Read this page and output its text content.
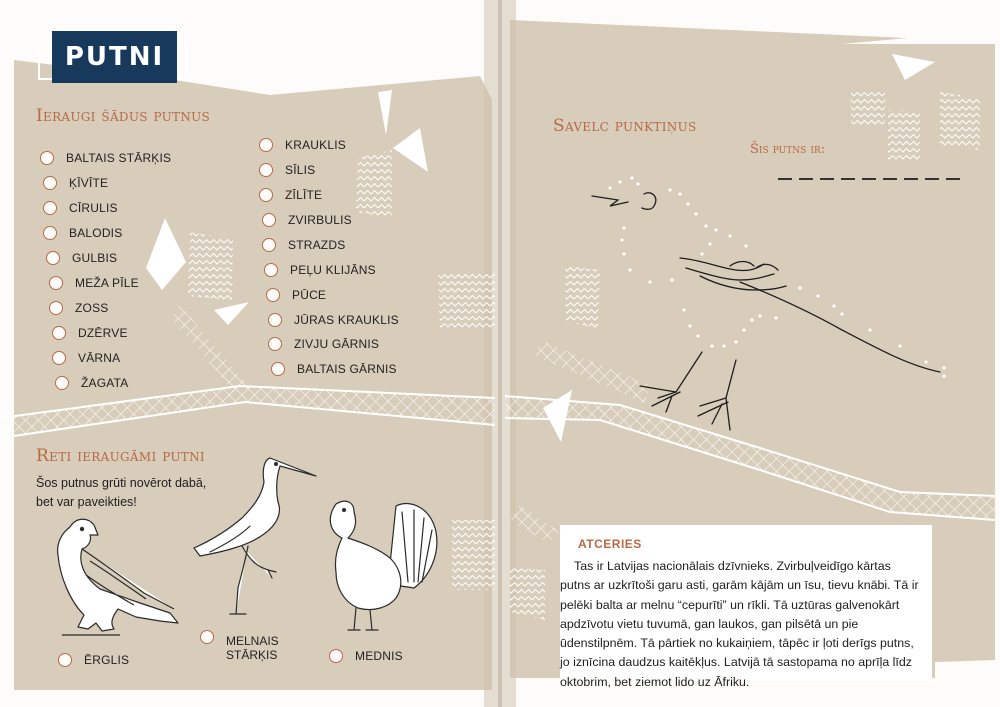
PUTNI
Ieraugi šādus putnus
BALTAIS STĀRĶIS
ĶĪVĪTE
CĪRULIS
BALODIS
GULBIS
MEŽA PĪLE
ZOSS
DZĒRVE
VĀRNA
ŽAGATA
KRAUKLIS
SĪLIS
ZĪLĪTE
ZVIRBULIS
STRAZDS
PEĻU KLIJĀNS
PŪCE
JŪRAS KRAUKLIS
ZIVJU GĀRNIS
BALTAIS GĀRNIS
Reti ieraugāmi putni
Šos putnus grūti novērot dabā, bet var paveikties!
ĒRGLIS
MELNAIS
STĀRĶIS	MEDNIS
Savelc punktiņus
Šis putns ir:
ATCERIES
Tas ir Latvijas nacionālais dzīvnieks. Zvirbuļveidīgo kārtas putns ar uzkrītoši garu asti, garām kājām un īsu, tievu knābi. Tā ir pelēki balta ar melnu “cepurīti” un rīkli. Tā uztūras galvenokārt apdzīvotu vietu tuvumā, gan laukos, gan pilsētā un pie ūdenstilpnēm. Tā pārtiek no kukaiņiem, tāpēc ir ļoti derīgs putns, jo iznīcina daudzus kaitēkļus. Latvijā tā sastopama no aprīļa līdz oktobrim, bet ziemot lido uz Āfriku.
